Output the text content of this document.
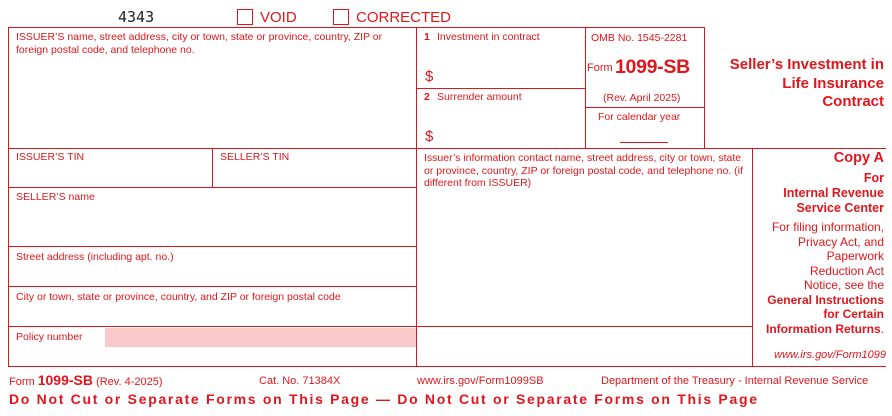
4343	VOID	CORRECTED
ISSUER’S name, street address, city or town, state or province, country, ZIP or foreign postal code, and telephone no.
1 Investment in contract
$
2 Surrender amount
$
OMB No. 1545-2281
Form 1099-SB
(Rev. April 2025)
For calendar year
Seller’s Investment in
Life Insurance
Contract
ISSUER’S TIN	SELLER’S TIN	Issuer’s information contact name, street address, city or town, state or province, country, ZIP or foreign postal code, and telephone no. (if different from ISSUER)
SELLER’S name
Street address (including apt. no.)
City or town, state or province, country, and ZIP or foreign postal code
Policy number
Copy A
For
Internal Revenue
Service Center
For filing information,
Privacy Act, and
Paperwork
Reduction Act
Notice, see the
General Instructions
for Certain
Information Returns.
www.irs.gov/Form1099
Form 1099-SB (Rev. 4-2025)	Cat. No. 71384X	www.irs.gov/Form1099SB	Department of the Treasury - Internal Revenue Service
Do Not Cut or Separate Forms on This Page — Do Not Cut or Separate Forms on This Page
